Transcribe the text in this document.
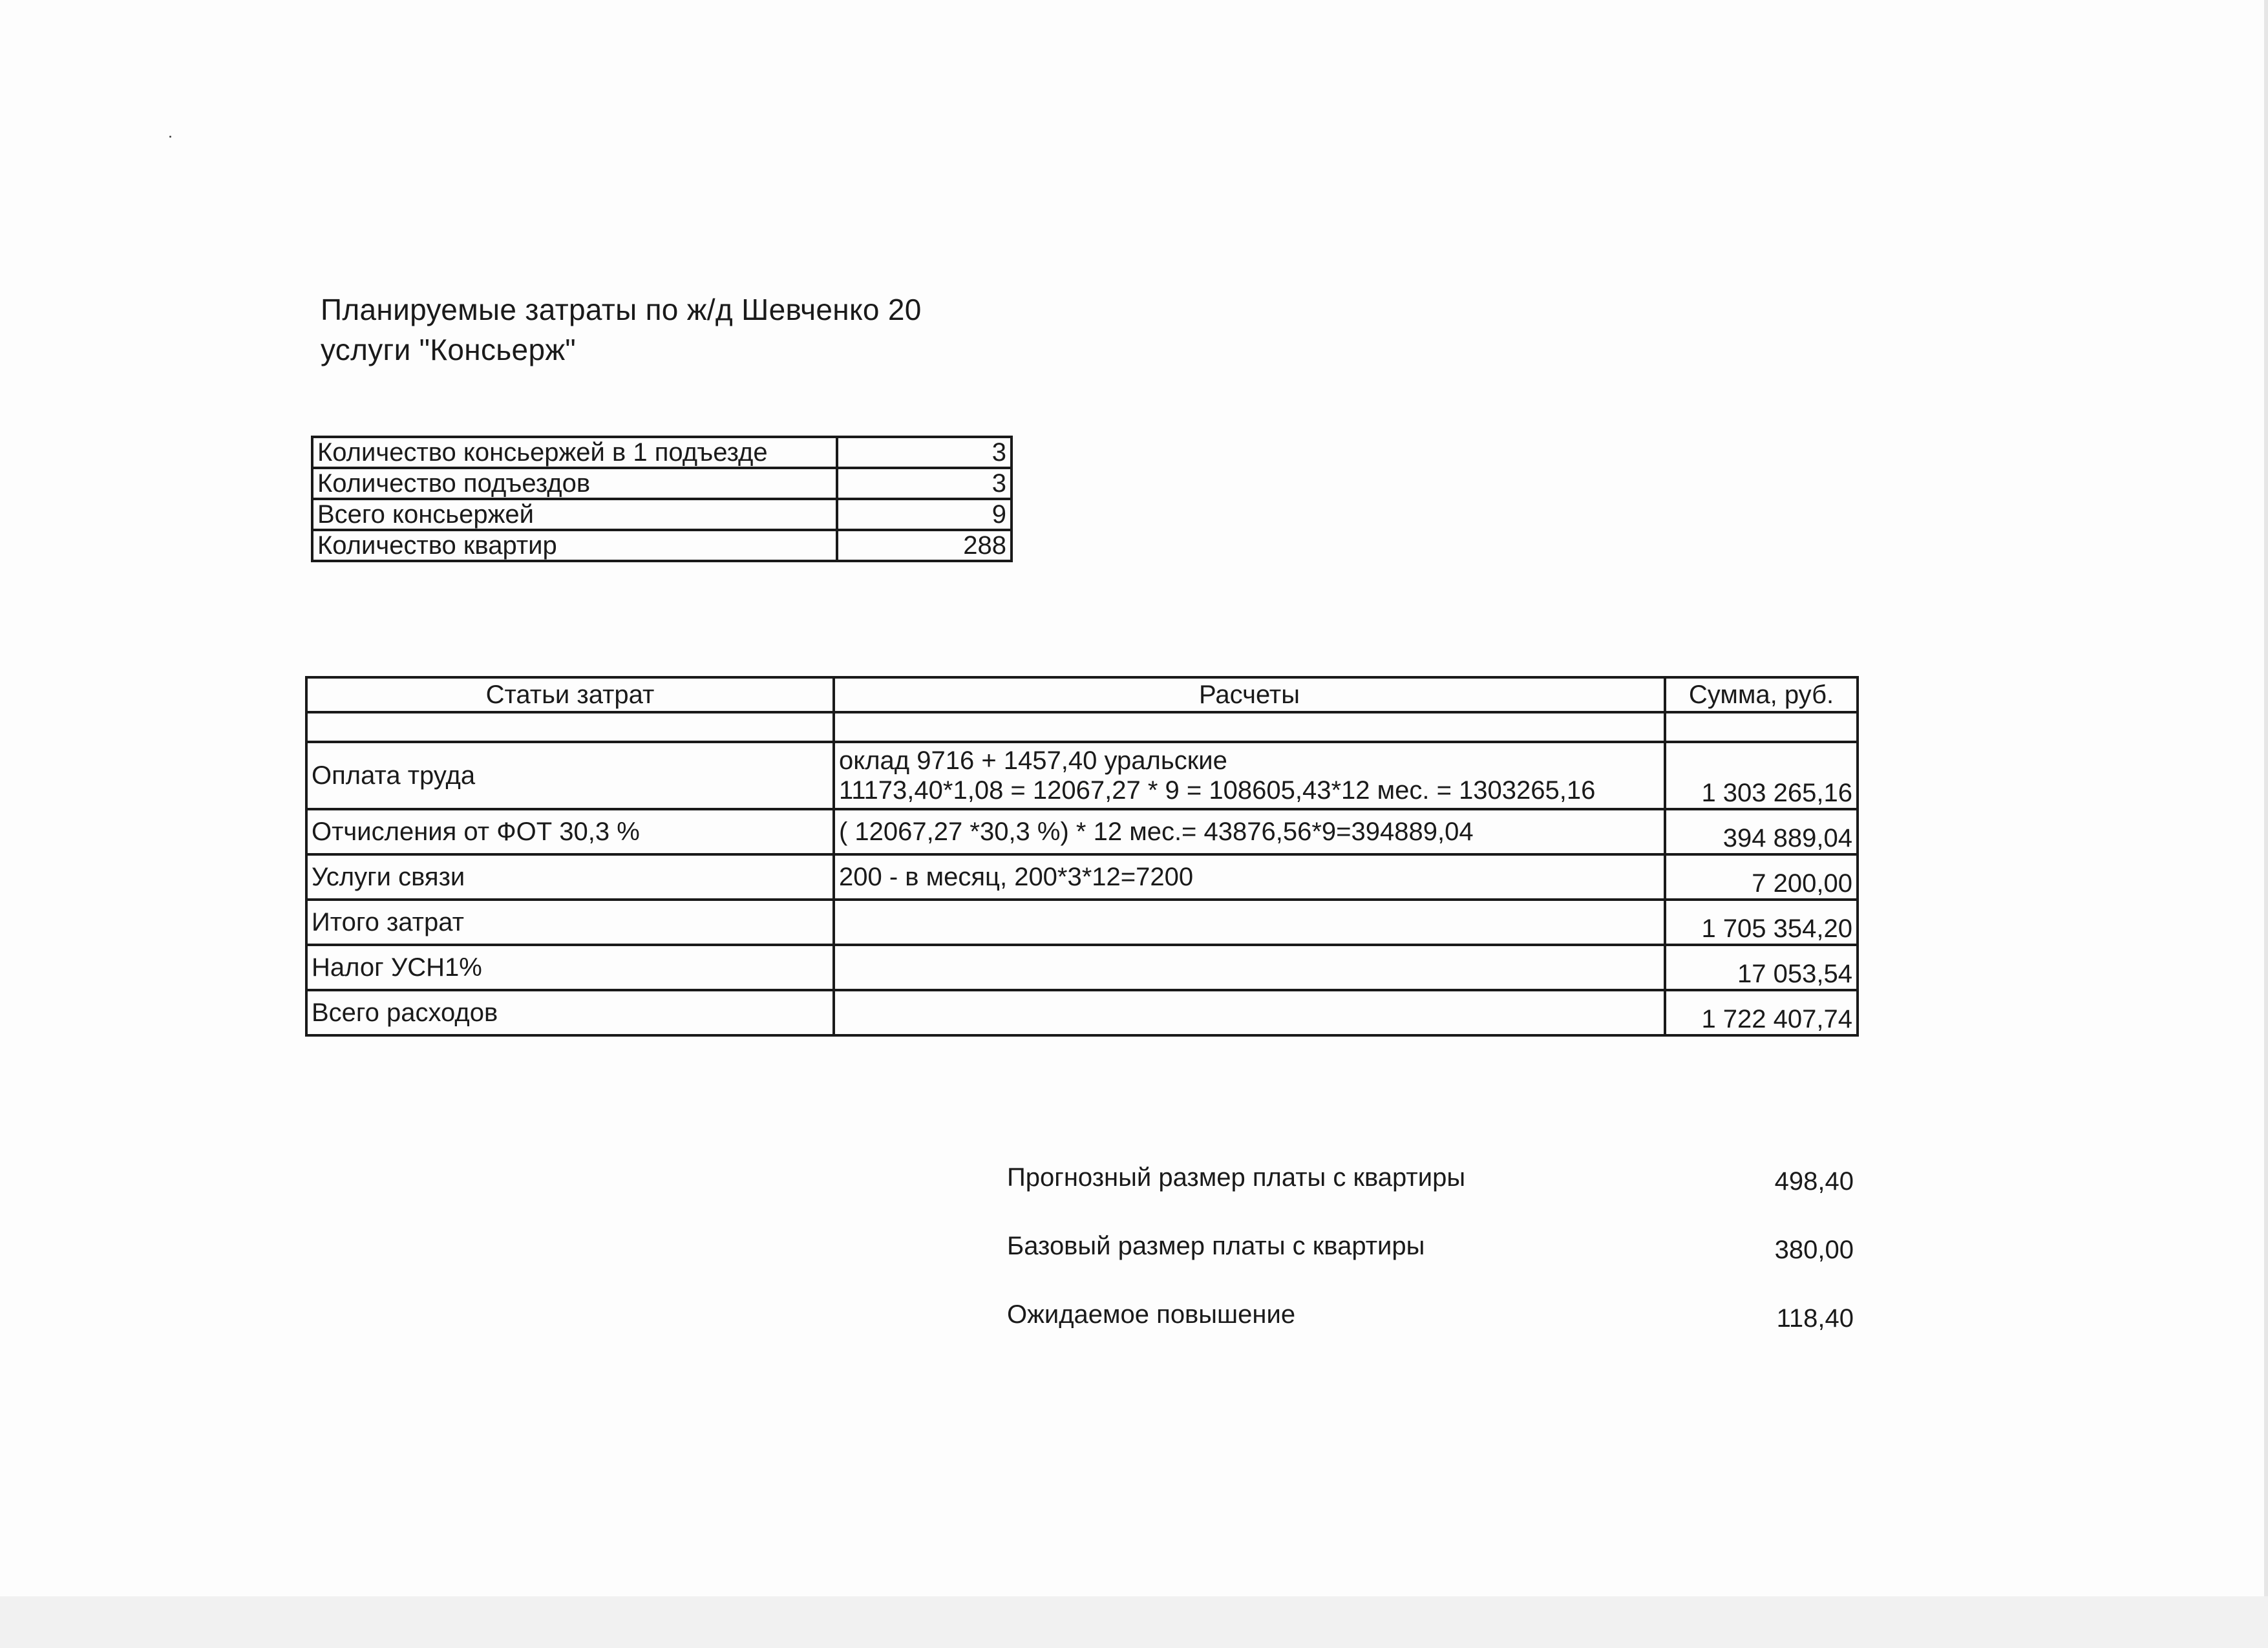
Планируемые затраты по ж/д Шевченко 20
услуги "Консьерж"
Количество консьержей в 1 подъезде	3
Количество подъездов	3
Всего консьержей	9
Количество квартир	288
Статьи затрат	Расчеты	Сумма, руб.

Оплата труда	оклад 9716 + 1457,40 уральские
11173,40*1,08 = 12067,27 * 9 = 108605,43*12 мес. = 1303265,16	1 303 265,16
Отчисления от ФОТ 30,3 %	( 12067,27 *30,3 %) * 12 мес.= 43876,56*9=394889,04	394 889,04
Услуги связи	200 - в месяц, 200*3*12=7200	7 200,00
Итого затрат		1 705 354,20
Налог УСН1%		17 053,54
Всего расходов		1 722 407,74
Прогнозный размер платы с квартиры	498,40
Базовый размер платы с квартиры	380,00
Ожидаемое повышение	118,40
